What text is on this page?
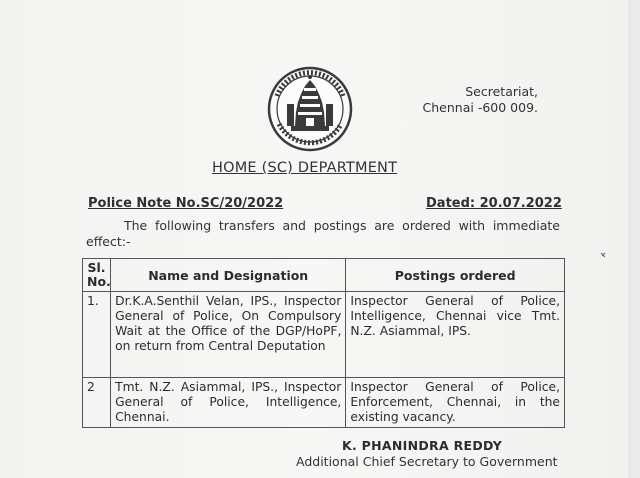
Secretariat,
Chennai -600 009.
HOME (SC) DEPARTMENT
Police Note No.SC/20/2022	Dated: 20.07.2022
The following transfers and postings are ordered with immediate effect:-
Sl. No.	Name and Designation	Postings ordered
1.	Dr.K.A.Senthil Velan, IPS., Inspector General of Police, On Compulsory Wait at the Office of the DGP/HoPF, on return from Central Deputation	Inspector General of Police, Intelligence, Chennai vice Tmt. N.Z. Asiammal, IPS.
2	Tmt. N.Z. Asiammal, IPS., Inspector General of Police, Intelligence, Chennai.	Inspector General of Police, Enforcement, Chennai, in the existing vacancy.
K. PHANINDRA REDDY
Additional Chief Secretary to Government
